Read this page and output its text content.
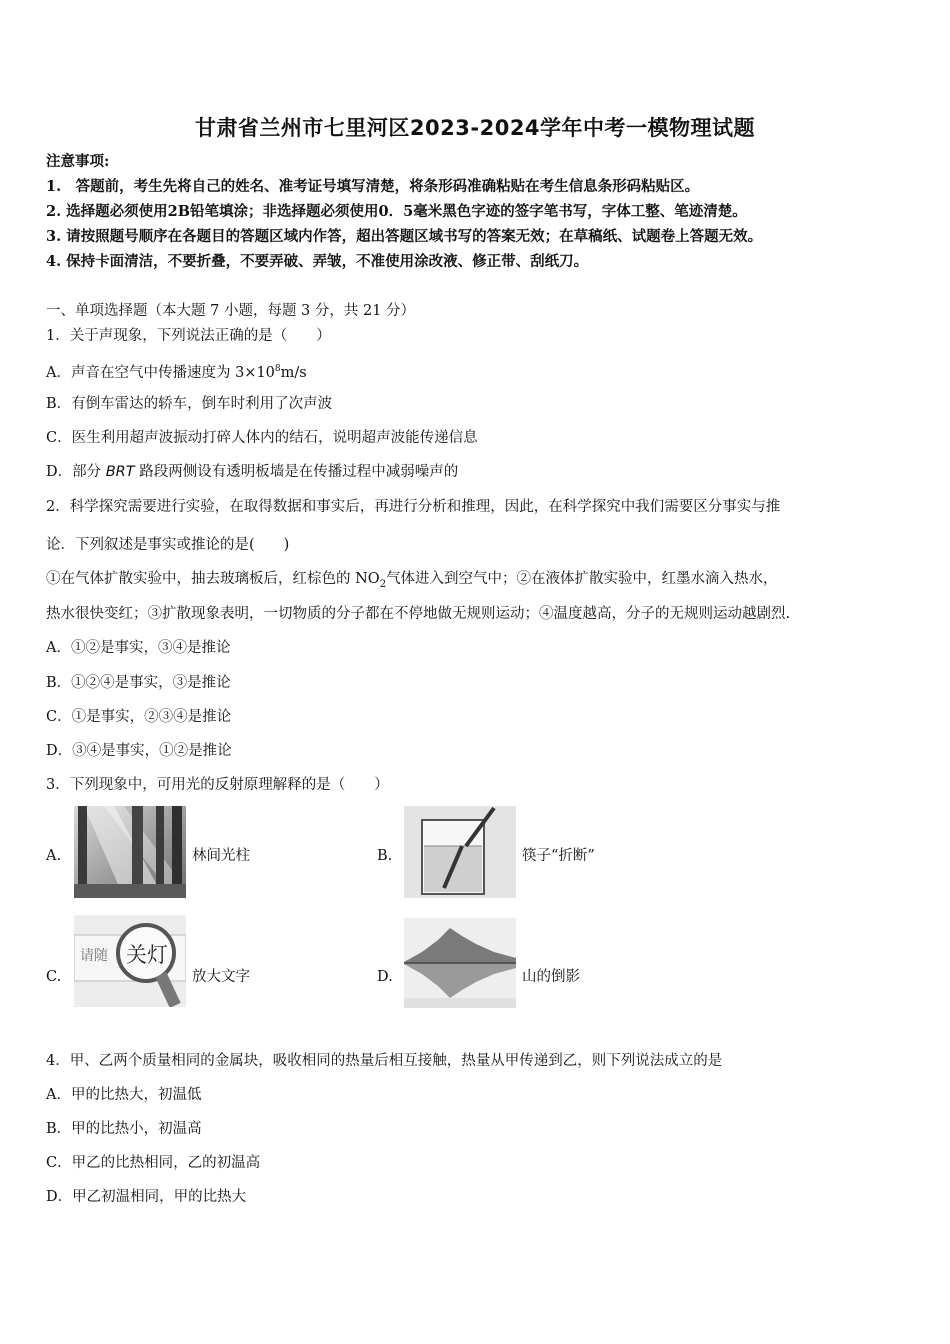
甘肃省兰州市七里河区2023-2024学年中考一模物理试题
注意事项:
1.　答题前，考生先将自己的姓名、准考证号填写清楚，将条形码准确粘贴在考生信息条形码粘贴区。
2. 选择题必须使用2B铅笔填涂；非选择题必须使用0．5毫米黑色字迹的签字笔书写，字体工整、笔迹清楚。
3. 请按照题号顺序在各题目的答题区域内作答，超出答题区域书写的答案无效；在草稿纸、试题卷上答题无效。
4. 保持卡面清洁，不要折叠，不要弄破、弄皱，不准使用涂改液、修正带、刮纸刀。
一、单项选择题（本大题 7 小题，每题 3 分，共 21 分）
1．关于声现象，下列说法正确的是（　　）
A．声音在空气中传播速度为 $3\times 10^8m/s$
B．有倒车雷达的轿车，倒车时利用了次声波
C．医生利用超声波振动打碎人体内的结石，说明超声波能传递信息
D．部分 BRT 路段两侧设有透明板墙是在传播过程中减弱噪声的
2．科学探究需要进行实验，在取得数据和事实后，再进行分析和推理，因此，在科学探究中我们需要区分事实与推
论．下列叙述是事实或推论的是(　　)
①在气体扩散实验中，抽去玻璃板后，红棕色的 $NO_2$气体进入到空气中；②在液体扩散实验中，红墨水滴入热水，
热水很快变红；③扩散现象表明，一切物质的分子都在不停地做无规则运动；④温度越高，分子的无规则运动越剧烈.
A．①②是事实，③④是推论
B．①②④是事实，③是推论
C．①是事实，②③④是推论
D．③④是事实，①②是推论
3．下列现象中，可用光的反射原理解释的是（　　）
A.	林间光柱	B.	筷子“折断”
C.
请随 关灯
放大文字	D.	山的倒影
4．甲、乙两个质量相同的金属块，吸收相同的热量后相互接触，热量从甲传递到乙，则下列说法成立的是
A．甲的比热大，初温低
B．甲的比热小，初温高
C．甲乙的比热相同，乙的初温高
D．甲乙初温相同，甲的比热大
